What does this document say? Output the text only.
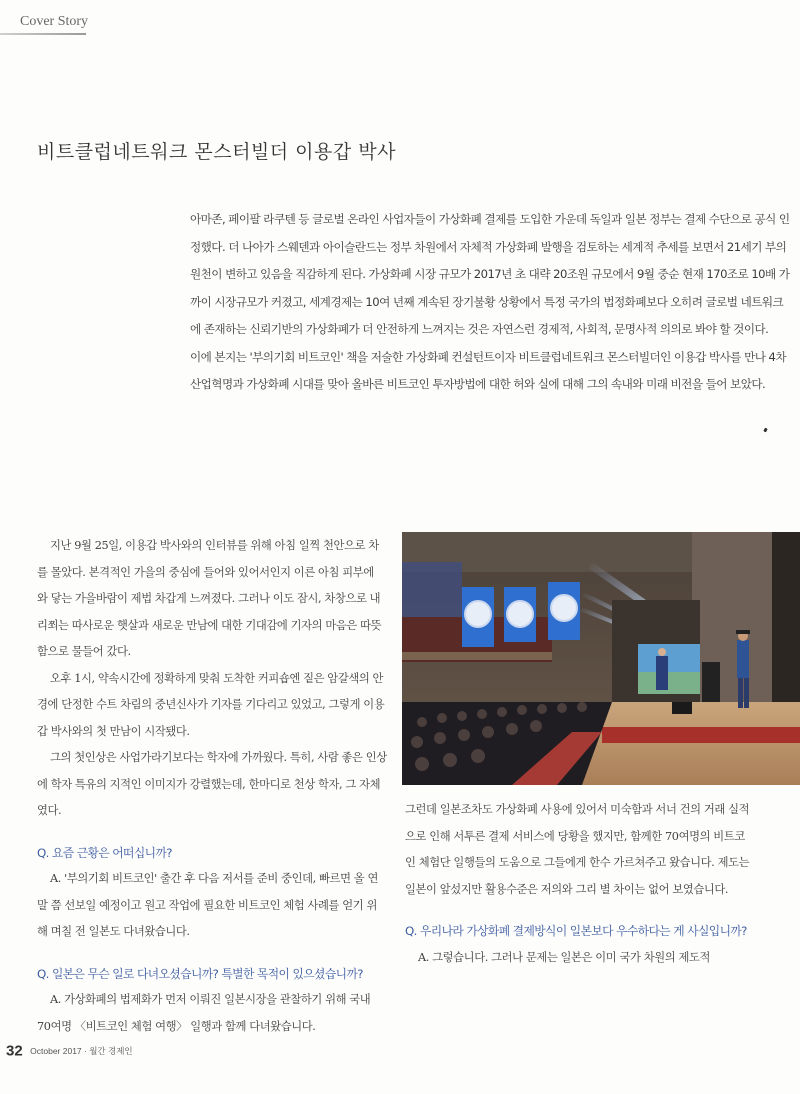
Cover Story
비트클럽네트워크 몬스터빌더 이용갑 박사

아마존, 페이팔 라쿠텐 등 글로벌 온라인 사업자들이 가상화폐 결제를 도입한 가운데 독일과 일본 정부는 결제 수단으로 공식 인정했다. 더 나아가 스웨덴과 아이슬란드는 정부 차원에서 자체적 가상화폐 발행을 검토하는 세계적 추세를 보면서 21세기 부의 원천이 변하고 있음을 직감하게 된다. 가상화폐 시장 규모가 2017년 초 대략 20조원 규모에서 9월 중순 현재 170조로 10배 가까이 시장규모가 커졌고, 세계경제는 10여 년째 계속된 장기불황 상황에서 특정 국가의 법정화폐보다 오히려 글로벌 네트워크에 존재하는 신뢰기반의 가상화폐가 더 안전하게 느껴지는 것은 자연스런 경제적, 사회적, 문명사적 의의로 봐야 할 것이다.

이에 본지는 '부의기회 비트코인' 책을 저술한 가상화폐 컨설턴트이자 비트클럽네트워크 몬스터빌더인 이용갑 박사를 만나 4차 산업혁명과 가상화폐 시대를 맞아 올바른 비트코인 투자방법에 대한 허와 실에 대해 그의 속내와 미래 비전을 들어 보았다.

지난 9월 25일, 이용갑 박사와의 인터뷰를 위해 아침 일찍 천안으로 차를 몰았다. 본격적인 가을의 중심에 들어와 있어서인지 이른 아침 피부에 와 닿는 가을바람이 제법 차갑게 느껴졌다. 그러나 이도 잠시, 차창으로 내리쬐는 따사로운 햇살과 새로운 만남에 대한 기대감에 기자의 마음은 따뜻함으로 물들어 갔다.

오후 1시, 약속시간에 정확하게 맞춰 도착한 커피숍엔 짙은 암갈색의 안경에 단정한 수트 차림의 중년신사가 기자를 기다리고 있었고, 그렇게 이용갑 박사와의 첫 만남이 시작됐다.

그의 첫인상은 사업가라기보다는 학자에 가까웠다. 특히, 사람 좋은 인상에 학자 특유의 지적인 이미지가 강렬했는데, 한마디로 천상 학자, 그 자체였다.

Q. 요즘 근황은 어떠십니까?

A. '부의기회 비트코인' 출간 후 다음 저서를 준비 중인데, 빠르면 올 연말 쯤 선보일 예정이고 원고 작업에 필요한 비트코인 체험 사례를 얻기 위해 며칠 전 일본도 다녀왔습니다.

Q. 일본은 무슨 일로 다녀오셨습니까? 특별한 목적이 있으셨습니까?

A. 가상화폐의 법제화가 먼저 이뤄진 일본시장을 관찰하기 위해 국내 70여명 〈비트코인 체험 여행〉 일행과 함께 다녀왔습니다.

그런데 일본조차도 가상화폐 사용에 있어서 미숙함과 서너 건의 거래 실적으로 인해 서투른 결제 서비스에 당황을 했지만, 함께한 70여명의 비트코인 체험단 일행들의 도움으로 그들에게 한수 가르쳐주고 왔습니다. 제도는 일본이 앞섰지만 활용수준은 저의와 그리 별 차이는 없어 보였습니다.

Q. 우리나라 가상화폐 결제방식이 일본보다 우수하다는 게 사실입니까?

A. 그렇습니다. 그러나 문제는 일본은 이미 국가 차원의 제도적

32 October 2017 · 월간 경제인
